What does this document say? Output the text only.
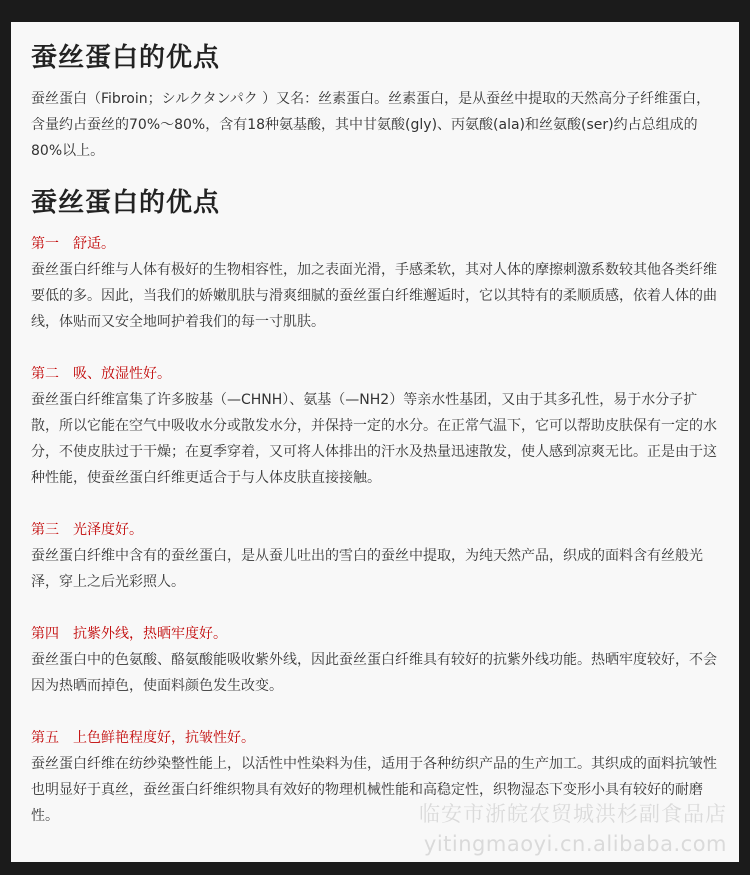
蚕丝蛋白的优点

蚕丝蛋白（Fibroin；シルクタンパク ）又名：丝素蛋白。丝素蛋白，是从蚕丝中提取的天然高分子纤维蛋白，含量约占蚕丝的70%～80%，含有18种氨基酸，其中甘氨酸(gly)、丙氨酸(ala)和丝氨酸(ser)约占总组成的80%以上。

蚕丝蛋白的优点

第一　舒适。

蚕丝蛋白纤维与人体有极好的生物相容性，加之表面光滑，手感柔软，其对人体的摩擦刺激系数较其他各类纤维要低的多。因此，当我们的娇嫩肌肤与滑爽细腻的蚕丝蛋白纤维邂逅时，它以其特有的柔顺质感，依着人体的曲线，体贴而又安全地呵护着我们的每一寸肌肤。

第二　吸、放湿性好。

蚕丝蛋白纤维富集了许多胺基（—CHNH）、氨基（—NH2）等亲水性基团，又由于其多孔性，易于水分子扩散，所以它能在空气中吸收水分或散发水分，并保持一定的水分。在正常气温下，它可以帮助皮肤保有一定的水分，不使皮肤过于干燥；在夏季穿着，又可将人体排出的汗水及热量迅速散发，使人感到凉爽无比。正是由于这种性能，使蚕丝蛋白纤维更适合于与人体皮肤直接接触。

第三　光泽度好。

蚕丝蛋白纤维中含有的蚕丝蛋白，是从蚕儿吐出的雪白的蚕丝中提取，为纯天然产品，织成的面料含有丝般光泽，穿上之后光彩照人。

第四　抗紫外线，热晒牢度好。

蚕丝蛋白中的色氨酸、酪氨酸能吸收紫外线，因此蚕丝蛋白纤维具有较好的抗紫外线功能。热晒牢度较好，不会因为热晒而掉色，使面料颜色发生改变。

第五　上色鲜艳程度好，抗皱性好。

蚕丝蛋白纤维在纺纱染整性能上，以活性中性染料为佳，适用于各种纺织产品的生产加工。其织成的面料抗皱性也明显好于真丝，蚕丝蛋白纤维织物具有效好的物理机械性能和高稳定性，织物湿态下变形小具有较好的耐磨性。	临安市浙皖农贸城洪杉副食品店
yitingmaoyi.cn.alibaba.com
